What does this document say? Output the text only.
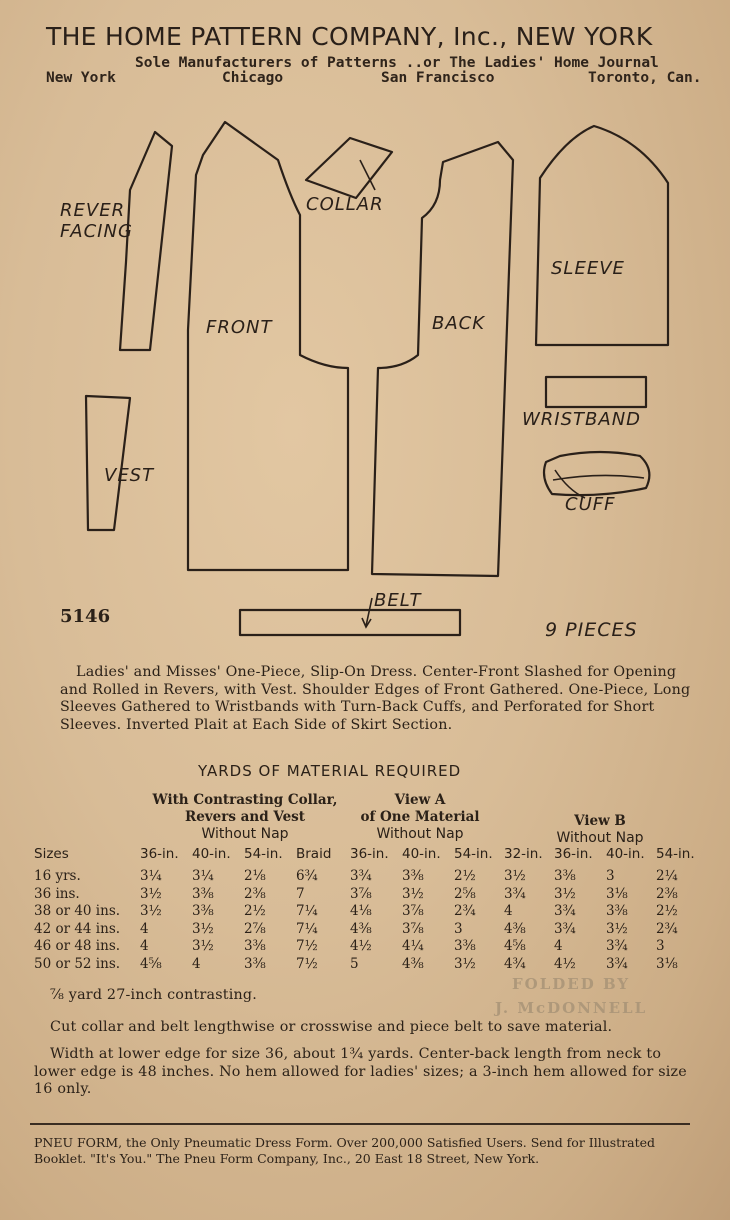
THE HOME PATTERN COMPANY, Inc., NEW YORK
Sole Manufacturers of Patterns ..or The Ladies' Home Journal
New York	Chicago	San Francisco	Toronto, Can.
REVER
FACING
COLLAR
FRONT	BACK
SLEEVE
WRISTBAND
VEST
CUFF
BELT
5146
9 PIECES
Ladies' and Misses' One-Piece, Slip-On Dress. Center-Front Slashed for Opening and Rolled in Revers, with Vest. Shoulder Edges of Front Gathered. One-Piece, Long Sleeves Gathered to Wristbands with Turn-Back Cuffs, and Perforated for Short Sleeves. Inverted Plait at Each Side of Skirt Section.
YARDS OF MATERIAL REQUIRED
With Contrasting Collar,
Revers and Vest
Without Nap
View A
of One Material
Without Nap
View B
Without Nap
Sizes	36-in. 40-in. 54-in. Braid 36-in. 40-in. 54-in. 32-in. 36-in. 40-in. 54-in.
16 yrs.	3¼ 3¼ 2⅛ 6¾ 3¾ 3⅜ 2½ 3½ 3⅜ 3	2¼
36 ins.	3½ 3⅜ 2⅜ 7	3⅞ 3½ 2⅝ 3¾ 3½ 3⅛ 2⅜
38 or 40 ins. 3½ 3⅜ 2½ 7¼ 4⅛ 3⅞ 2¾ 4	3¾ 3⅜ 2½
42 or 44 ins. 4	3½ 2⅞ 7¼ 4⅜ 3⅞ 3	4⅜ 3¾ 3½ 2¾
46 or 48 ins. 4	3½ 3⅜ 7½ 4½ 4¼ 3⅜ 4⅝ 4	3¾ 3
50 or 52 ins. 4⅝ 4	3⅜ 7½ 5	4⅜ 3½ 4¾ 4½ 3¾ 3⅛
⅞ yard 27-inch contrasting.
FOLDED BY
J. McDONNELL
Cut collar and belt lengthwise or crosswise and piece belt to save material.
Width at lower edge for size 36, about 1¾ yards. Center-back length from neck to lower edge is 48 inches. No hem allowed for ladies' sizes; a 3-inch hem allowed for size 16 only.
PNEU FORM, the Only Pneumatic Dress Form. Over 200,000 Satisfied Users. Send for Illustrated Booklet. "It's You." The Pneu Form Company, Inc., 20 East 18 Street, New York.
